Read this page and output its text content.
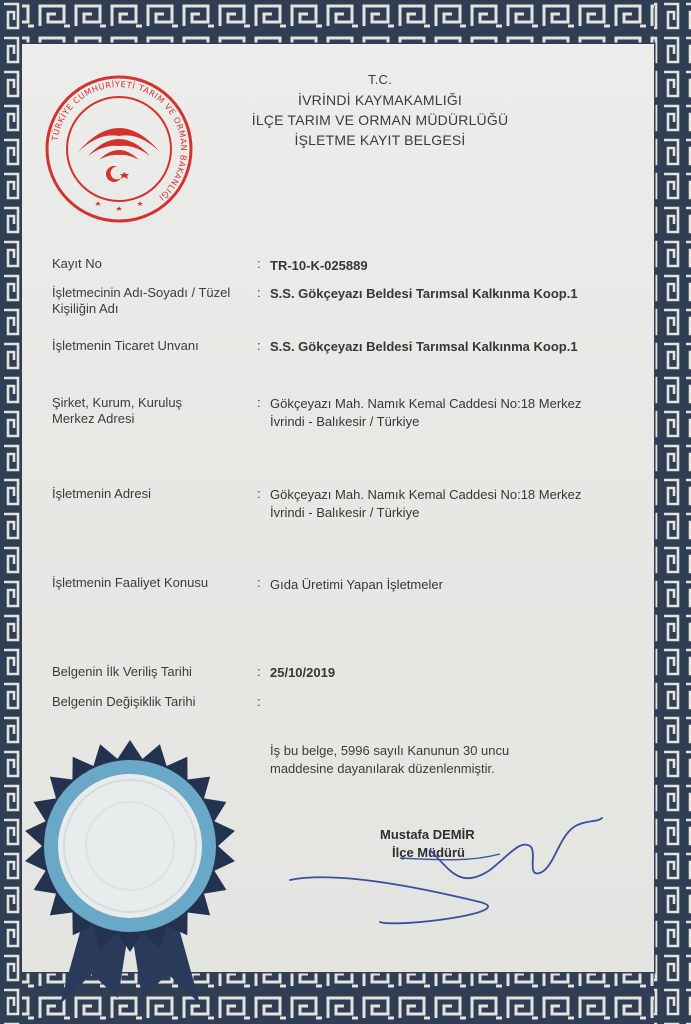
TÜRKİYE CUMHURİYETİ TARIM VE ORMAN BAKANLIĞI
T.C.
İVRİNDİ KAYMAKAMLIĞI
İLÇE TARIM VE ORMAN MÜDÜRLÜĞÜ
İŞLETME KAYIT BELGESİ
Kayıt No	: TR-10-K-025889
İşletmecinin Adı-Soyadı / Tüzel Kişiliğin Adı
: S.S. Gökçeyazı Beldesi Tarımsal Kalkınma Koop.1
İşletmenin Ticaret Unvanı	: S.S. Gökçeyazı Beldesi Tarımsal Kalkınma Koop.1
Şirket, Kurum, Kuruluş Merkez Adresi
: Gökçeyazı Mah. Namık Kemal Caddesi No:18 Merkez İvrindi - Balıkesir / Türkiye
İşletmenin Adresi	: Gökçeyazı Mah. Namık Kemal Caddesi No:18 Merkez İvrindi - Balıkesir / Türkiye
İşletmenin Faaliyet Konusu	: Gıda Üretimi Yapan İşletmeler
Belgenin İlk Veriliş Tarihi	: 25/10/2019
Belgenin Değişiklik Tarihi	:
İş bu belge, 5996 sayılı Kanunun 30 uncu maddesine dayanılarak düzenlenmiştir.
Mustafa DEMİR
İlçe Müdürü
